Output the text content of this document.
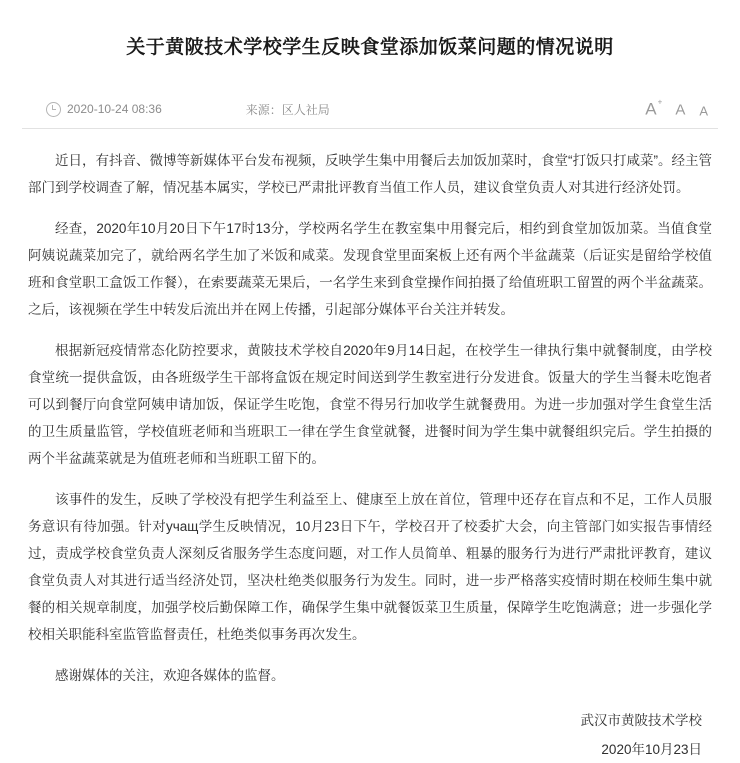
关于黄陂技术学校学生反映食堂添加饭菜问题的情况说明
2020-10-24 08:36	来源：区人社局	A+ A A

近日，有抖音、微博等新媒体平台发布视频，反映学生集中用餐后去加饭加菜时，食堂“打饭只打咸菜”。经主管部门到学校调查了解，情况基本属实，学校已严肃批评教育当值工作人员，建议食堂负责人对其进行经济处罚。

经查，2020年10月20日下午17时13分，学校两名学生在教室集中用餐完后，相约到食堂加饭加菜。当值食堂阿姨说蔬菜加完了，就给两名学生加了米饭和咸菜。发现食堂里面案板上还有两个半盆蔬菜（后证实是留给学校值班和食堂职工盒饭工作餐），在索要蔬菜无果后，一名学生来到食堂操作间拍摄了给值班职工留置的两个半盆蔬菜。之后，该视频在学生中转发后流出并在网上传播，引起部分媒体平台关注并转发。

根据新冠疫情常态化防控要求，黄陂技术学校自2020年9月14日起，在校学生一律执行集中就餐制度，由学校食堂统一提供盒饭，由各班级学生干部将盒饭在规定时间送到学生教室进行分发进食。饭量大的学生当餐未吃饱者可以到餐厅向食堂阿姨申请加饭，保证学生吃饱，食堂不得另行加收学生就餐费用。为进一步加强对学生食堂生活的卫生质量监管，学校值班老师和当班职工一律在学生食堂就餐，进餐时间为学生集中就餐组织完后。学生拍摄的两个半盆蔬菜就是为值班老师和当班职工留下的。

该事件的发生，反映了学校没有把学生利益至上、健康至上放在首位，管理中还存在盲点和不足，工作人员服务意识有待加强。针对учащ学生反映情况，10月23日下午，学校召开了校委扩大会，向主管部门如实报告事情经过，责成学校食堂负责人深刻反省服务学生态度问题，对工作人员简单、粗暴的服务行为进行严肃批评教育，建议食堂负责人对其进行适当经济处罚，坚决杜绝类似服务行为发生。同时，进一步严格落实疫情时期在校师生集中就餐的相关规章制度，加强学校后勤保障工作，确保学生集中就餐饭菜卫生质量，保障学生吃饱满意；进一步强化学校相关职能科室监管监督责任，杜绝类似事务再次发生。

感谢媒体的关注，欢迎各媒体的监督。

武汉市黄陂技术学校
2020年10月23日
